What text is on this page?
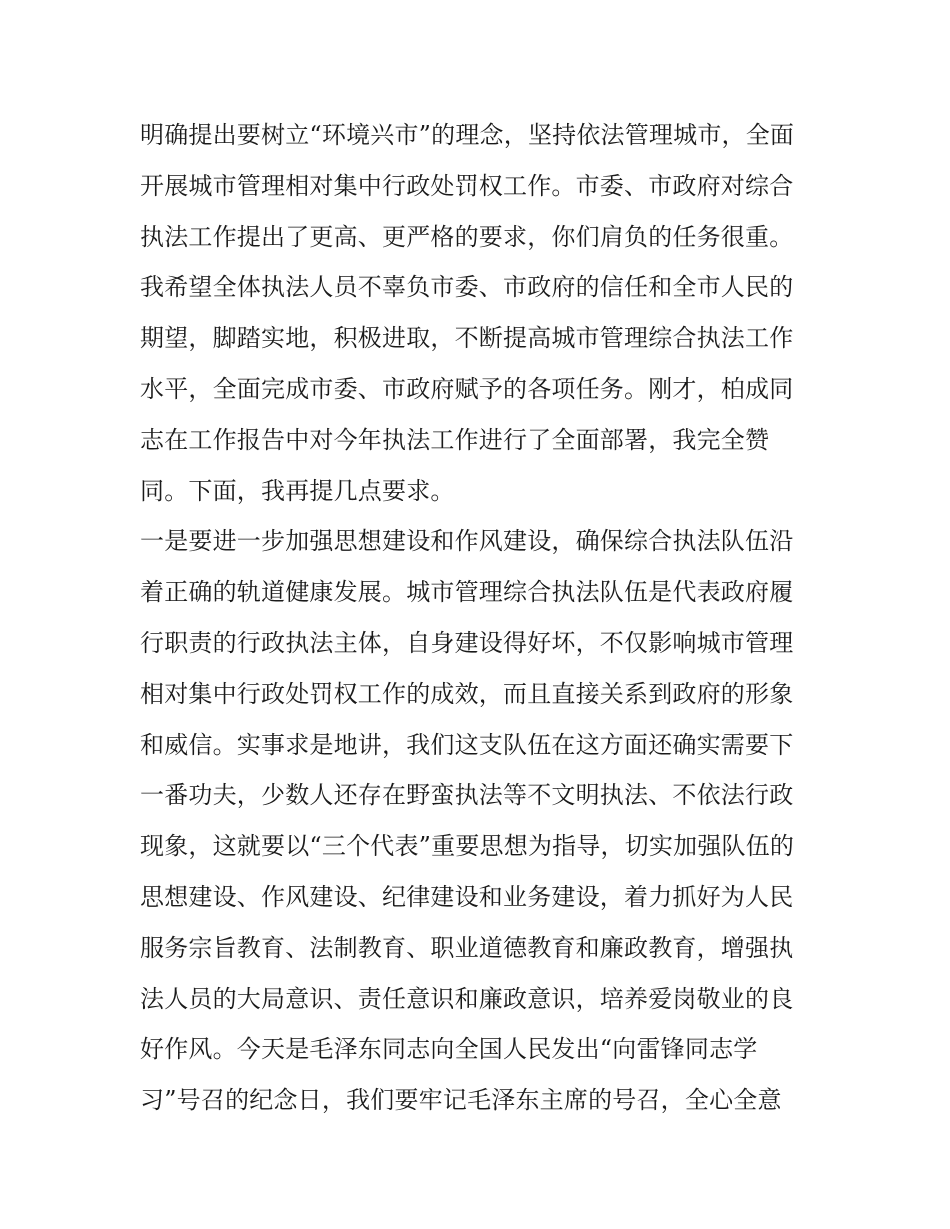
明确提出要树立“环境兴市”的理念，坚持依法管理城市，全面
开展城市管理相对集中行政处罚权工作。市委、市政府对综合
执法工作提出了更高、更严格的要求，你们肩负的任务很重。
我希望全体执法人员不辜负市委、市政府的信任和全市人民的
期望，脚踏实地，积极进取，不断提高城市管理综合执法工作
水平，全面完成市委、市政府赋予的各项任务。刚才，柏成同
志在工作报告中对今年执法工作进行了全面部署，我完全赞
同。下面，我再提几点要求。
一是要进一步加强思想建设和作风建设，确保综合执法队伍沿
着正确的轨道健康发展。城市管理综合执法队伍是代表政府履
行职责的行政执法主体，自身建设得好坏，不仅影响城市管理
相对集中行政处罚权工作的成效，而且直接关系到政府的形象
和威信。实事求是地讲，我们这支队伍在这方面还确实需要下
一番功夫，少数人还存在野蛮执法等不文明执法、不依法行政
现象，这就要以“三个代表”重要思想为指导，切实加强队伍的
思想建设、作风建设、纪律建设和业务建设，着力抓好为人民
服务宗旨教育、法制教育、职业道德教育和廉政教育，增强执
法人员的大局意识、责任意识和廉政意识，培养爱岗敬业的良
好作风。今天是毛泽东同志向全国人民发出“向雷锋同志学
习”号召的纪念日，我们要牢记毛泽东主席的号召，全心全意
